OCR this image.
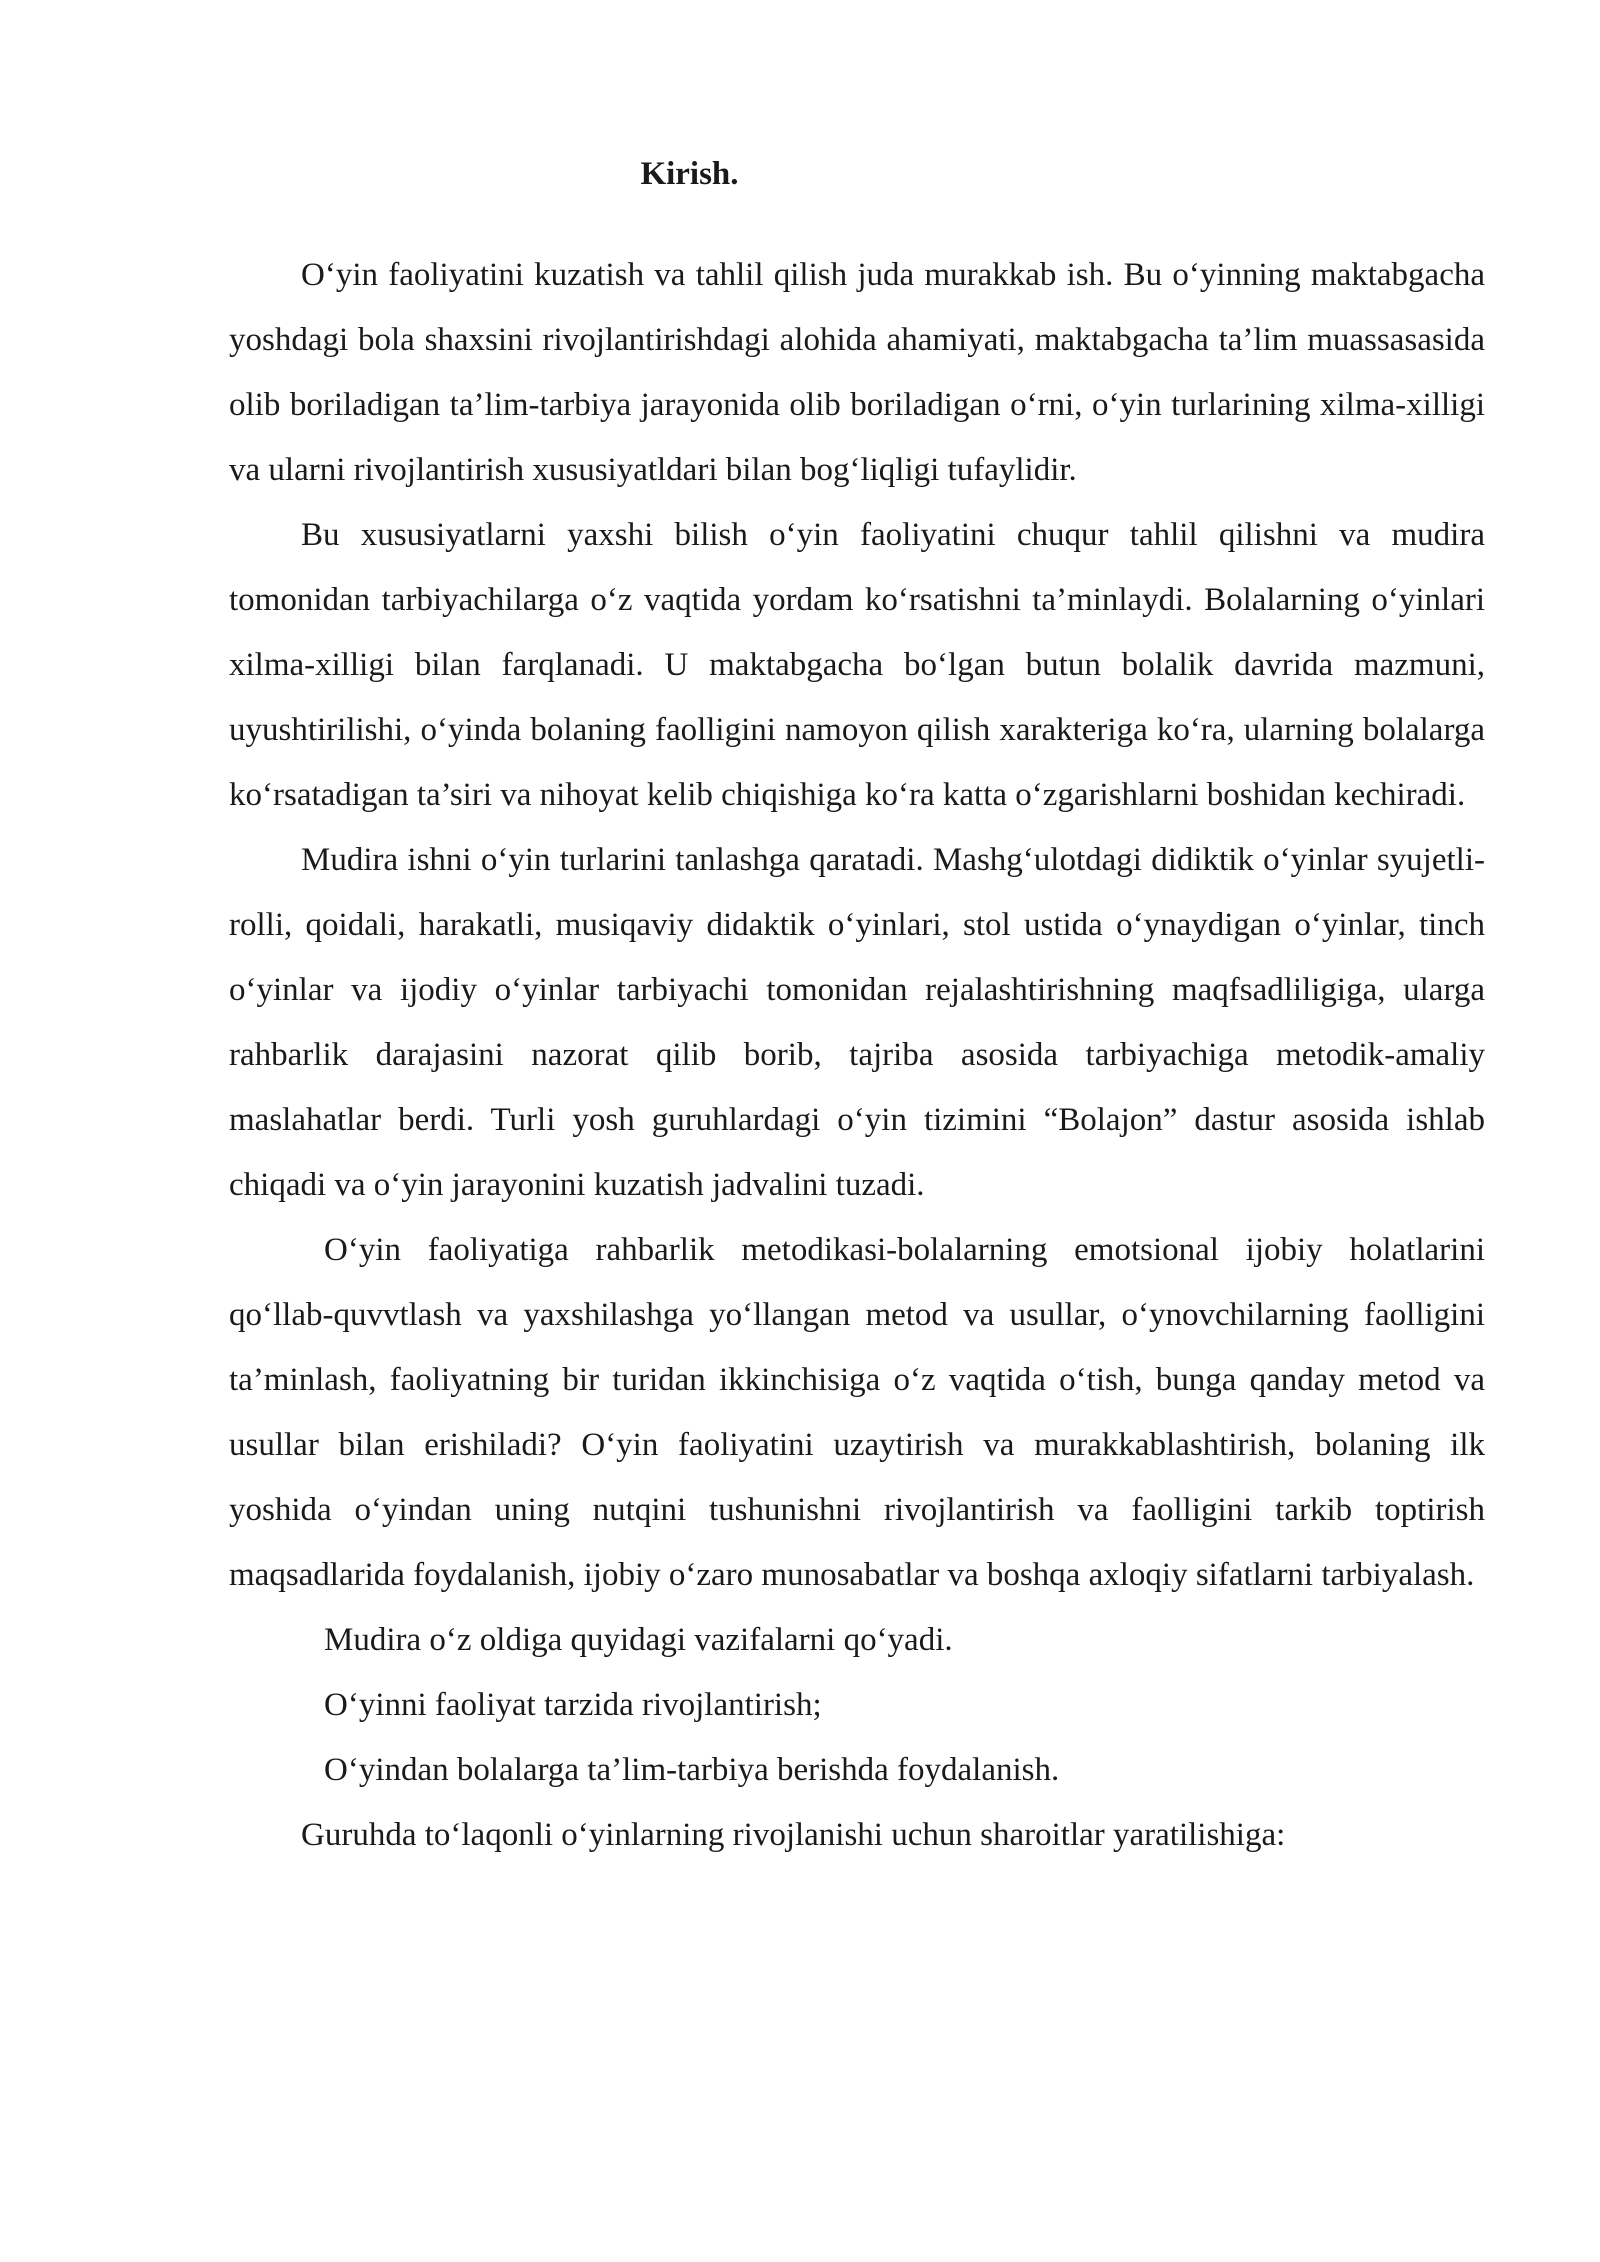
Kirish.

O‘yin faoliyatini kuzatish va tahlil qilish juda murakkab ish. Bu o‘yinning maktabgacha yoshdagi bola shaxsini rivojlantirishdagi alohida ahamiyati, maktabgacha ta’lim muassasasida olib boriladigan ta’lim-tarbiya jarayonida olib boriladigan o‘rni, o‘yin turlarining xilma-xilligi va ularni rivojlantirish xususiyatldari bilan bog‘liqligi tufaylidir.

Bu xususiyatlarni yaxshi bilish o‘yin faoliyatini chuqur tahlil qilishni va mudira tomonidan tarbiyachilarga o‘z vaqtida yordam ko‘rsatishni ta’minlaydi. Bolalarning o‘yinlari xilma-xilligi bilan farqlanadi. U maktabgacha bo‘lgan butun bolalik davrida mazmuni, uyushtirilishi, o‘yinda bolaning faolligini namoyon qilish xarakteriga ko‘ra, ularning bolalarga ko‘rsatadigan ta’siri va nihoyat kelib chiqishiga ko‘ra katta o‘zgarishlarni boshidan kechiradi.

Mudira ishni o‘yin turlarini tanlashga qaratadi. Mashg‘ulotdagi didiktik o‘yinlar syujetli-rolli, qoidali, harakatli, musiqaviy didaktik o‘yinlari, stol ustida o‘ynaydigan o‘yinlar, tinch o‘yinlar va ijodiy o‘yinlar tarbiyachi tomonidan rejalashtirishning maqfsadliligiga, ularga rahbarlik darajasini nazorat qilib borib, tajriba asosida tarbiyachiga metodik-amaliy maslahatlar berdi. Turli yosh guruhlardagi o‘yin tizimini “Bolajon” dastur asosida ishlab chiqadi va o‘yin jarayonini kuzatish jadvalini tuzadi.

O‘yin faoliyatiga rahbarlik metodikasi-bolalarning emotsional ijobiy holatlarini qo‘llab-quvvtlash va yaxshilashga yo‘llangan metod va usullar, o‘ynovchilarning faolligini ta’minlash, faoliyatning bir turidan ikkinchisiga o‘z vaqtida o‘tish, bunga qanday metod va usullar bilan erishiladi? O‘yin faoliyatini uzaytirish va murakkablashtirish, bolaning ilk yoshida o‘yindan uning nutqini tushunishni rivojlantirish va faolligini tarkib toptirish maqsadlarida foydalanish, ijobiy o‘zaro munosabatlar va boshqa axloqiy sifatlarni tarbiyalash.

Mudira o‘z oldiga quyidagi vazifalarni qo‘yadi.

O‘yinni faoliyat tarzida rivojlantirish;

O‘yindan bolalarga ta’lim-tarbiya berishda foydalanish.

Guruhda to‘laqonli o‘yinlarning rivojlanishi uchun sharoitlar yaratilishiga:
